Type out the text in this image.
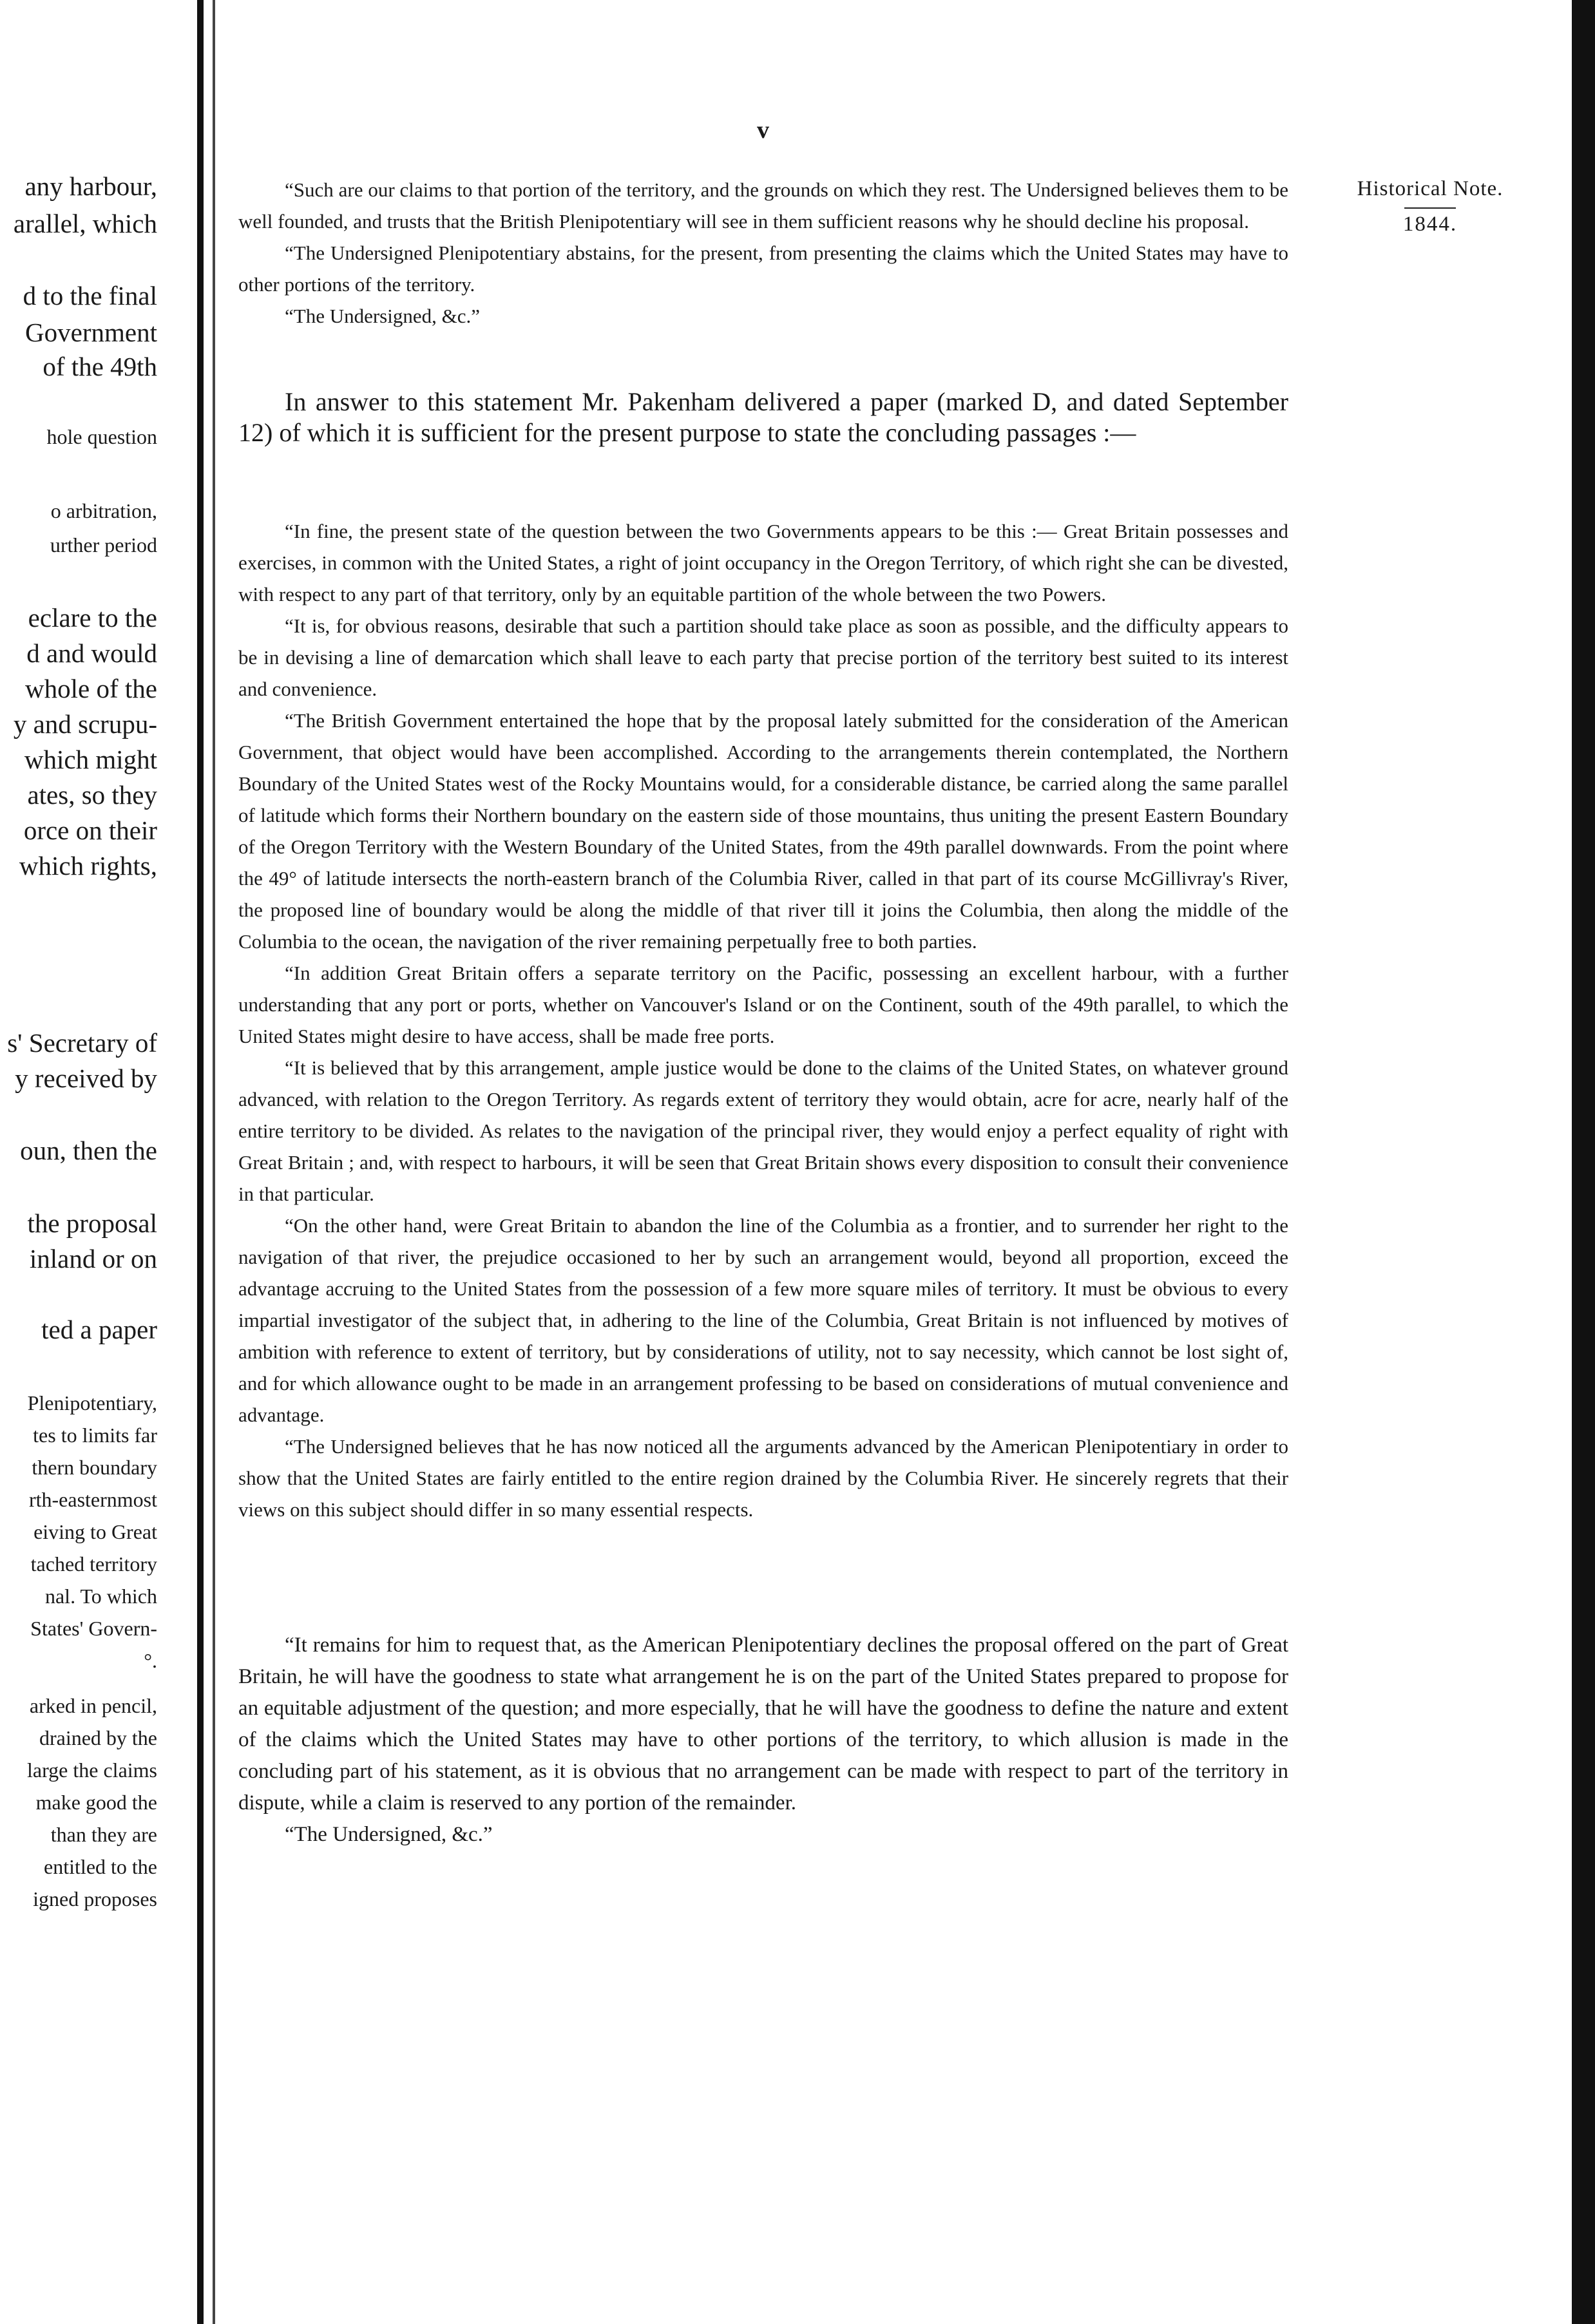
any harbour,
arallel, which
d to the final
Government
of the 49th
hole question
o arbitration,
urther period
eclare to the
d and would
whole of the
y and scrupu-
which might
ates, so they
orce on their
which rights,
s' Secretary of
y received by
oun, then the
the proposal
inland or on
ted a paper
Plenipotentiary,
tes to limits far
thern boundary
rth-easternmost
eiving to Great
tached territory
nal. To which
States' Govern-
°.
arked in pencil,
drained by the
large the claims
make good the
than they are
entitled to the
igned proposes
v
Historical Note.
1844.

“Such are our claims to that portion of the territory, and the grounds on which they rest. The Undersigned believes them to be well founded, and trusts that the British Plenipotentiary will see in them sufficient reasons why he should decline his proposal.

“The Undersigned Plenipotentiary abstains, for the present, from presenting the claims which the United States may have to other portions of the territory.

“The Undersigned, &c.”

In answer to this statement Mr. Pakenham delivered a paper (marked D, and dated September 12) of which it is sufficient for the present purpose to state the concluding passages :—

“In fine, the present state of the question between the two Governments appears to be this :— Great Britain possesses and exercises, in common with the United States, a right of joint occupancy in the Oregon Territory, of which right she can be divested, with respect to any part of that territory, only by an equitable partition of the whole between the two Powers.

“It is, for obvious reasons, desirable that such a partition should take place as soon as possible, and the difficulty appears to be in devising a line of demarcation which shall leave to each party that precise portion of the territory best suited to its interest and convenience.

“The British Government entertained the hope that by the proposal lately submitted for the consideration of the American Government, that object would have been accomplished. According to the arrangements therein contemplated, the Northern Boundary of the United States west of the Rocky Mountains would, for a considerable distance, be carried along the same parallel of latitude which forms their Northern boundary on the eastern side of those mountains, thus uniting the present Eastern Boundary of the Oregon Territory with the Western Boundary of the United States, from the 49th parallel downwards. From the point where the 49° of latitude intersects the north-eastern branch of the Columbia River, called in that part of its course McGillivray's River, the proposed line of boundary would be along the middle of that river till it joins the Columbia, then along the middle of the Columbia to the ocean, the navigation of the river remaining perpetually free to both parties.

“In addition Great Britain offers a separate territory on the Pacific, possessing an excellent harbour, with a further understanding that any port or ports, whether on Vancouver's Island or on the Continent, south of the 49th parallel, to which the United States might desire to have access, shall be made free ports.

“It is believed that by this arrangement, ample justice would be done to the claims of the United States, on whatever ground advanced, with relation to the Oregon Territory. As regards extent of territory they would obtain, acre for acre, nearly half of the entire territory to be divided. As relates to the navigation of the principal river, they would enjoy a perfect equality of right with Great Britain ; and, with respect to harbours, it will be seen that Great Britain shows every disposition to consult their convenience in that particular.

“On the other hand, were Great Britain to abandon the line of the Columbia as a frontier, and to surrender her right to the navigation of that river, the prejudice occasioned to her by such an arrangement would, beyond all proportion, exceed the advantage accruing to the United States from the possession of a few more square miles of territory. It must be obvious to every impartial investigator of the subject that, in adhering to the line of the Columbia, Great Britain is not influenced by motives of ambition with reference to extent of territory, but by considerations of utility, not to say necessity, which cannot be lost sight of, and for which allowance ought to be made in an arrangement professing to be based on considerations of mutual convenience and advantage.

“The Undersigned believes that he has now noticed all the arguments advanced by the American Plenipotentiary in order to show that the United States are fairly entitled to the entire region drained by the Columbia River. He sincerely regrets that their views on this subject should differ in so many essential respects.

“It remains for him to request that, as the American Plenipotentiary declines the proposal offered on the part of Great Britain, he will have the goodness to state what arrangement he is on the part of the United States prepared to propose for an equitable adjustment of the question; and more especially, that he will have the goodness to define the nature and extent of the claims which the United States may have to other portions of the territory, to which allusion is made in the concluding part of his statement, as it is obvious that no arrangement can be made with respect to part of the territory in dispute, while a claim is reserved to any portion of the remainder.

“The Undersigned, &c.”
